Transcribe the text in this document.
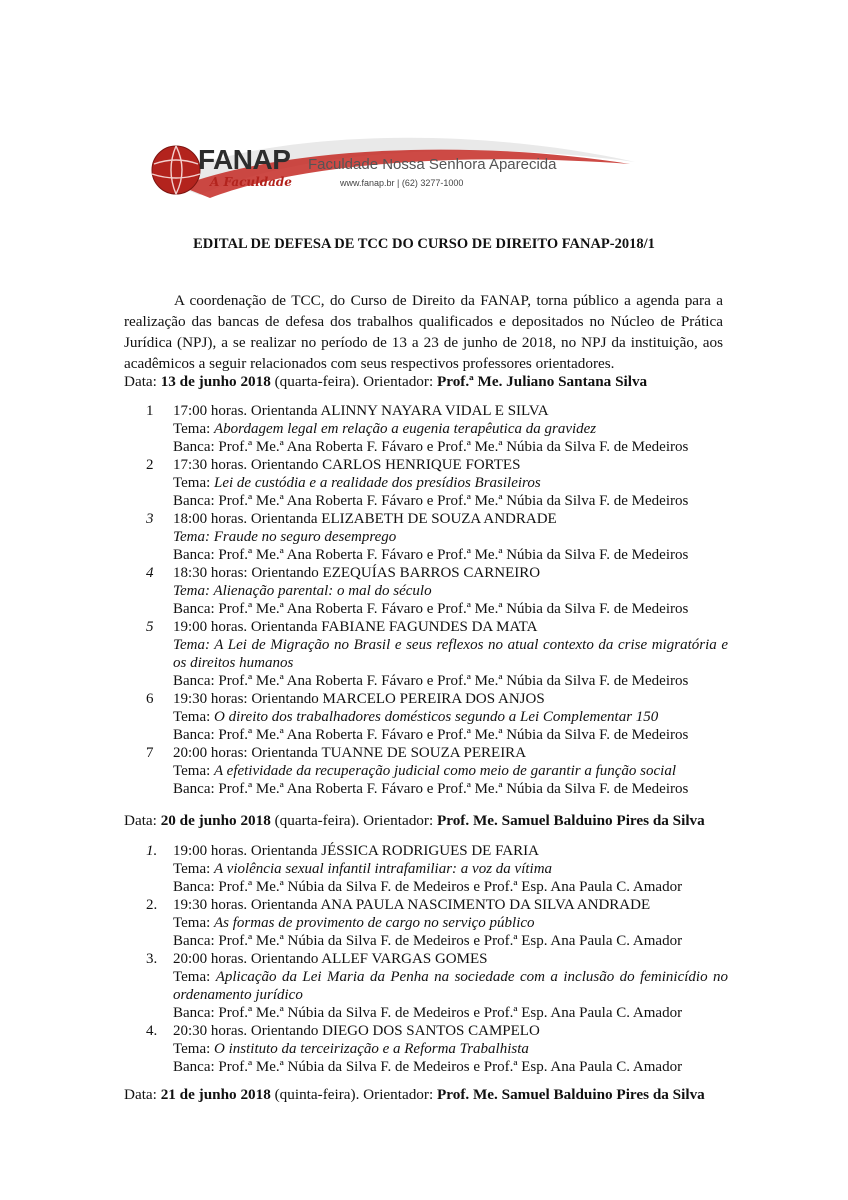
FANAP
A Faculdade
Faculdade Nossa Senhora Aparecida
www.fanap.br | (62) 3277-1000
EDITAL DE DEFESA DE TCC DO CURSO DE DIREITO FANAP-2018/1

A coordenação de TCC, do Curso de Direito da FANAP, torna público a agenda para a realização das bancas de defesa dos trabalhos qualificados e depositados no Núcleo de Prática Jurídica (NPJ), a se realizar no período de 13 a 23 de junho de 2018, no NPJ da instituição, aos acadêmicos a seguir relacionados com seus respectivos professores orientadores.

Data: 13 de junho 2018 (quarta-feira). Orientador: Prof.ª Me. Juliano Santana Silva
1	17:00 horas. Orientanda ALINNY NAYARA VIDAL E SILVA
Tema: Abordagem legal em relação a eugenia terapêutica da gravidez
Banca: Prof.ª Me.ª Ana Roberta F. Fávaro e Prof.ª Me.ª Núbia da Silva F. de Medeiros
2	17:30 horas. Orientando CARLOS HENRIQUE FORTES
Tema: Lei de custódia e a realidade dos presídios Brasileiros
Banca: Prof.ª Me.ª Ana Roberta F. Fávaro e Prof.ª Me.ª Núbia da Silva F. de Medeiros
3	18:00 horas. Orientanda ELIZABETH DE SOUZA ANDRADE
Tema: Fraude no seguro desemprego
Banca: Prof.ª Me.ª Ana Roberta F. Fávaro e Prof.ª Me.ª Núbia da Silva F. de Medeiros
4	18:30 horas: Orientando EZEQUÍAS BARROS CARNEIRO
Tema: Alienação parental: o mal do século
Banca: Prof.ª Me.ª Ana Roberta F. Fávaro e Prof.ª Me.ª Núbia da Silva F. de Medeiros
5	19:00 horas. Orientanda FABIANE FAGUNDES DA MATA
Tema: A Lei de Migração no Brasil e seus reflexos no atual contexto da crise migratória e os direitos humanos
Banca: Prof.ª Me.ª Ana Roberta F. Fávaro e Prof.ª Me.ª Núbia da Silva F. de Medeiros
6	19:30 horas: Orientando MARCELO PEREIRA DOS ANJOS
Tema: O direito dos trabalhadores domésticos segundo a Lei Complementar 150
Banca: Prof.ª Me.ª Ana Roberta F. Fávaro e Prof.ª Me.ª Núbia da Silva F. de Medeiros
7	20:00 horas: Orientanda TUANNE DE SOUZA PEREIRA
Tema: A efetividade da recuperação judicial como meio de garantir a função social
Banca: Prof.ª Me.ª Ana Roberta F. Fávaro e Prof.ª Me.ª Núbia da Silva F. de Medeiros
Data: 20 de junho 2018 (quarta-feira). Orientador: Prof. Me. Samuel Balduino Pires da Silva
1.	19:00 horas. Orientanda JÉSSICA RODRIGUES DE FARIA
Tema: A violência sexual infantil intrafamiliar: a voz da vítima
Banca: Prof.ª Me.ª Núbia da Silva F. de Medeiros e Prof.ª Esp. Ana Paula C. Amador
2.	19:30 horas. Orientanda ANA PAULA NASCIMENTO DA SILVA ANDRADE
Tema: As formas de provimento de cargo no serviço público
Banca: Prof.ª Me.ª Núbia da Silva F. de Medeiros e Prof.ª Esp. Ana Paula C. Amador
3.	20:00 horas. Orientando ALLEF VARGAS GOMES
Tema: Aplicação da Lei Maria da Penha na sociedade com a inclusão do feminicídio no ordenamento jurídico
Banca: Prof.ª Me.ª Núbia da Silva F. de Medeiros e Prof.ª Esp. Ana Paula C. Amador
4.	20:30 horas. Orientando DIEGO DOS SANTOS CAMPELO
Tema: O instituto da terceirização e a Reforma Trabalhista
Banca: Prof.ª Me.ª Núbia da Silva F. de Medeiros e Prof.ª Esp. Ana Paula C. Amador
Data: 21 de junho 2018 (quinta-feira). Orientador: Prof. Me. Samuel Balduino Pires da Silva
